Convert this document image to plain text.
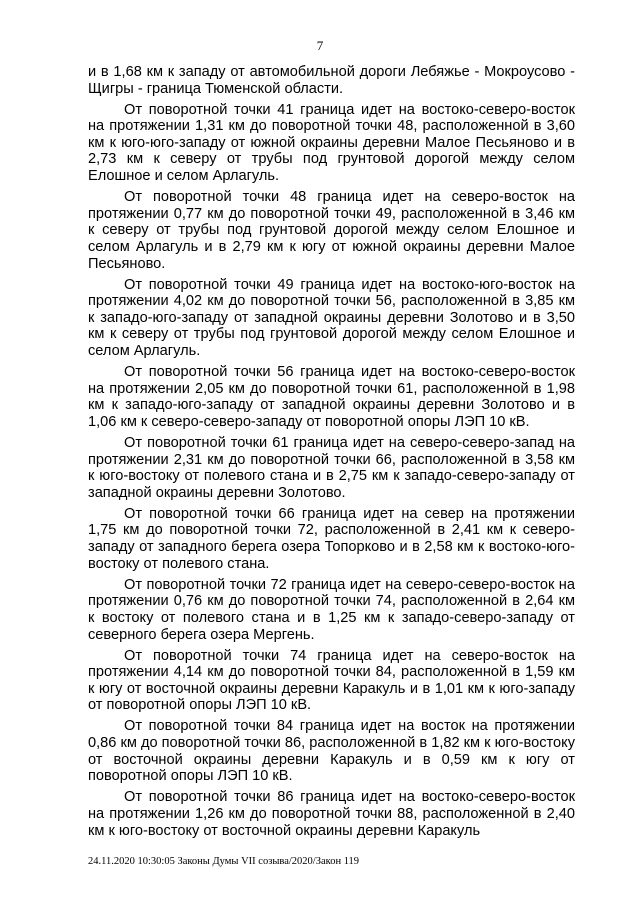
7

и в 1,68 км к западу от автомобильной дороги Лебяжье - Мокроусово - Щигры - граница Тюменской области.

От поворотной точки 41 граница идет на востоко-северо-восток на протяжении 1,31 км до поворотной точки 48, расположенной в 3,60 км к юго-юго-западу от южной окраины деревни Малое Песьяново и в 2,73 км к северу от трубы под грунтовой дорогой между селом Елошное и селом Арлагуль.

От поворотной точки 48 граница идет на северо-восток на протяжении 0,77 км до поворотной точки 49, расположенной в 3,46 км к северу от трубы под грунтовой дорогой между селом Елошное и селом Арлагуль и в 2,79 км к югу от южной окраины деревни Малое Песьяново.

От поворотной точки 49 граница идет на востоко-юго-восток на протяжении 4,02 км до поворотной точки 56, расположенной в 3,85 км к западо-юго-западу от западной окраины деревни Золотово и в 3,50 км к северу от трубы под грунтовой дорогой между селом Елошное и селом Арлагуль.

От поворотной точки 56 граница идет на востоко-северо-восток на протяжении 2,05 км до поворотной точки 61, расположенной в 1,98 км к западо-юго-западу от западной окраины деревни Золотово и в 1,06 км к северо-северо-западу от поворотной опоры ЛЭП 10 кВ.

От поворотной точки 61 граница идет на северо-северо-запад на протяжении 2,31 км до поворотной точки 66, расположенной в 3,58 км к юго-востоку от полевого стана и в 2,75 км к западо-северо-западу от западной окраины деревни Золотово.

От поворотной точки 66 граница идет на север на протяжении 1,75 км до поворотной точки 72, расположенной в 2,41 км к северо-западу от западного берега озера Топорково и в 2,58 км к востоко-юго-востоку от полевого стана.

От поворотной точки 72 граница идет на северо-северо-восток на протяжении 0,76 км до поворотной точки 74, расположенной в 2,64 км к востоку от полевого стана и в 1,25 км к западо-северо-западу от северного берега озера Мергень.

От поворотной точки 74 граница идет на северо-восток на протяжении 4,14 км до поворотной точки 84, расположенной в 1,59 км к югу от восточной окраины деревни Каракуль и в 1,01 км к юго-западу от поворотной опоры ЛЭП 10 кВ.

От поворотной точки 84 граница идет на восток на протяжении 0,86 км до поворотной точки 86, расположенной в 1,82 км к юго-востоку от восточной окраины деревни Каракуль и в 0,59 км к югу от поворотной опоры ЛЭП 10 кВ.

От поворотной точки 86 граница идет на востоко-северо-восток на протяжении 1,26 км до поворотной точки 88, расположенной в 2,40 км к юго-востоку от восточной окраины деревни Каракуль

24.11.2020 10:30:05 Законы Думы VII созыва/2020/Закон 119
